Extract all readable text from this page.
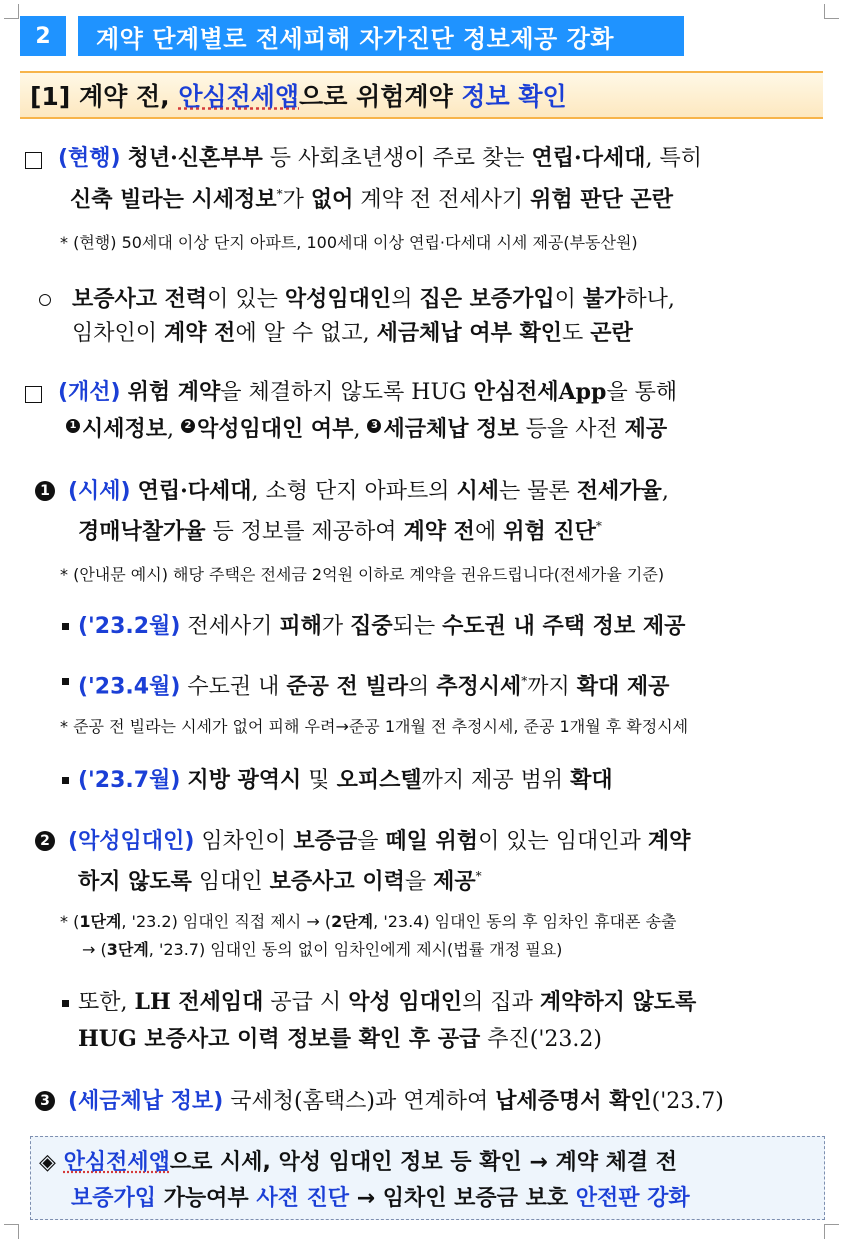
2	계약 단계별로 전세피해 자가진단 정보제공 강화
[1] 계약 전, 안심전세앱 으로 위험계약 정보 확인
(현행) 청년·신혼부부 등 사회초년생이 주로 찾는 연립·다세대, 특히
신축 빌라는 시세정보*가 없어 계약 전 전세사기 위험 판단 곤란
* (현행) 50세대 이상 단지 아파트, 100세대 이상 연립·다세대 시세 제공(부동산원)
보증사고 전력이 있는 악성임대인의 집은 보증가입이 불가하나,
임차인이 계약 전에 알 수 없고, 세금체납 여부 확인도 곤란
(개선) 위험 계약을 체결하지 않도록 HUG 안심전세App을 통해
1 시세정보, 2 악성임대인 여부, 3 세금체납 정보 등을 사전 제공
1 (시세) 연립·다세대, 소형 단지 아파트의 시세는 물론 전세가율,
경매낙찰가율 등 정보를 제공하여 계약 전에 위험 진단*
* (안내문 예시) 해당 주택은 전세금 2억원 이하로 계약을 권유드립니다(전세가율 기준)
('23.2월) 전세사기 피해가 집중되는 수도권 내 주택 정보 제공
('23.4월) 수도권 내 준공 전 빌라의 추정시세*까지 확대 제공
* 준공 전 빌라는 시세가 없어 피해 우려→준공 1개월 전 추정시세, 준공 1개월 후 확정시세
('23.7월) 지방 광역시 및 오피스텔까지 제공 범위 확대
2 (악성임대인) 임차인이 보증금을 떼일 위험이 있는 임대인과 계약
하지 않도록 임대인 보증사고 이력을 제공*
* (1단계, '23.2) 임대인 직접 제시 → (2단계, '23.4) 임대인 동의 후 임차인 휴대폰 송출
→ (3단계, '23.7) 임대인 동의 없이 임차인에게 제시(법률 개정 필요)
또한, LH 전세임대 공급 시 악성 임대인의 집과 계약하지 않도록
HUG 보증사고 이력 정보를 확인 후 공급 추진('23.2)
3 (세금체납 정보) 국세청(홈택스)과 연계하여 납세증명서 확인('23.7)
◈ 안심전세앱으로 시세, 악성 임대인 정보 등 확인 → 계약 체결 전
보증가입 가능여부 사전 진단 → 임차인 보증금 보호 안전판 강화
